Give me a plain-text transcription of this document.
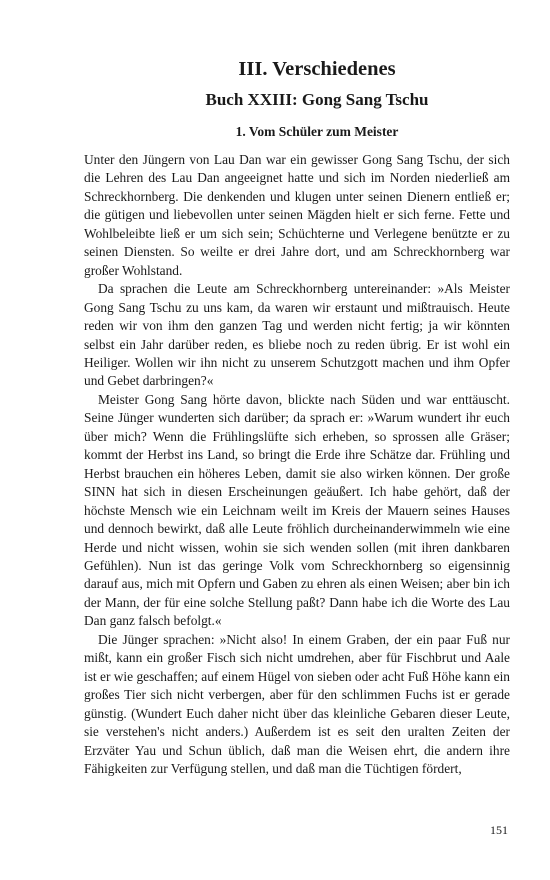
III. Verschiedenes
Buch XXIII: Gong Sang Tschu
1. Vom Schüler zum Meister

Unter den Jüngern von Lau Dan war ein gewisser Gong Sang Tschu, der sich die Lehren des Lau Dan angeeignet hatte und sich im Norden niederließ am Schreckhornberg. Die denkenden und klugen unter seinen Dienern entließ er; die gütigen und liebevollen unter seinen Mägden hielt er sich ferne. Fette und Wohlbeleibte ließ er um sich sein; Schüchterne und Verlegene benützte er zu seinen Diensten. So weilte er drei Jahre dort, und am Schreckhornberg war großer Wohlstand.

Da sprachen die Leute am Schreckhornberg untereinander: »Als Meister Gong Sang Tschu zu uns kam, da waren wir erstaunt und mißtrauisch. Heute reden wir von ihm den ganzen Tag und werden nicht fertig; ja wir könnten selbst ein Jahr darüber reden, es bliebe noch zu reden übrig. Er ist wohl ein Heiliger. Wollen wir ihn nicht zu unserem Schutzgott machen und ihm Opfer und Gebet darbringen?«

Meister Gong Sang hörte davon, blickte nach Süden und war enttäuscht. Seine Jünger wunderten sich darüber; da sprach er: »Warum wundert ihr euch über mich? Wenn die Frühlingslüfte sich erheben, so sprossen alle Gräser; kommt der Herbst ins Land, so bringt die Erde ihre Schätze dar. Frühling und Herbst brauchen ein höheres Leben, damit sie also wirken können. Der große SINN hat sich in diesen Erscheinungen geäußert. Ich habe gehört, daß der höchste Mensch wie ein Leichnam weilt im Kreis der Mauern seines Hauses und dennoch bewirkt, daß alle Leute fröhlich durcheinanderwimmeln wie eine Herde und nicht wissen, wohin sie sich wenden sollen (mit ihren dankbaren Gefühlen). Nun ist das geringe Volk vom Schreckhornberg so eigensinnig darauf aus, mich mit Opfern und Gaben zu ehren als einen Weisen; aber bin ich der Mann, der für eine solche Stellung paßt? Dann habe ich die Worte des Lau Dan ganz falsch befolgt.«

Die Jünger sprachen: »Nicht also! In einem Graben, der ein paar Fuß nur mißt, kann ein großer Fisch sich nicht umdrehen, aber für Fischbrut und Aale ist er wie geschaffen; auf einem Hügel von sieben oder acht Fuß Höhe kann ein großes Tier sich nicht verbergen, aber für den schlimmen Fuchs ist er gerade günstig. (Wundert Euch daher nicht über das kleinliche Gebaren dieser Leute, sie verstehen's nicht anders.) Außerdem ist es seit den uralten Zeiten der Erzväter Yau und Schun üblich, daß man die Weisen ehrt, die andern ihre Fähigkeiten zur Verfügung stellen, und daß man die Tüchtigen fördert,

151
